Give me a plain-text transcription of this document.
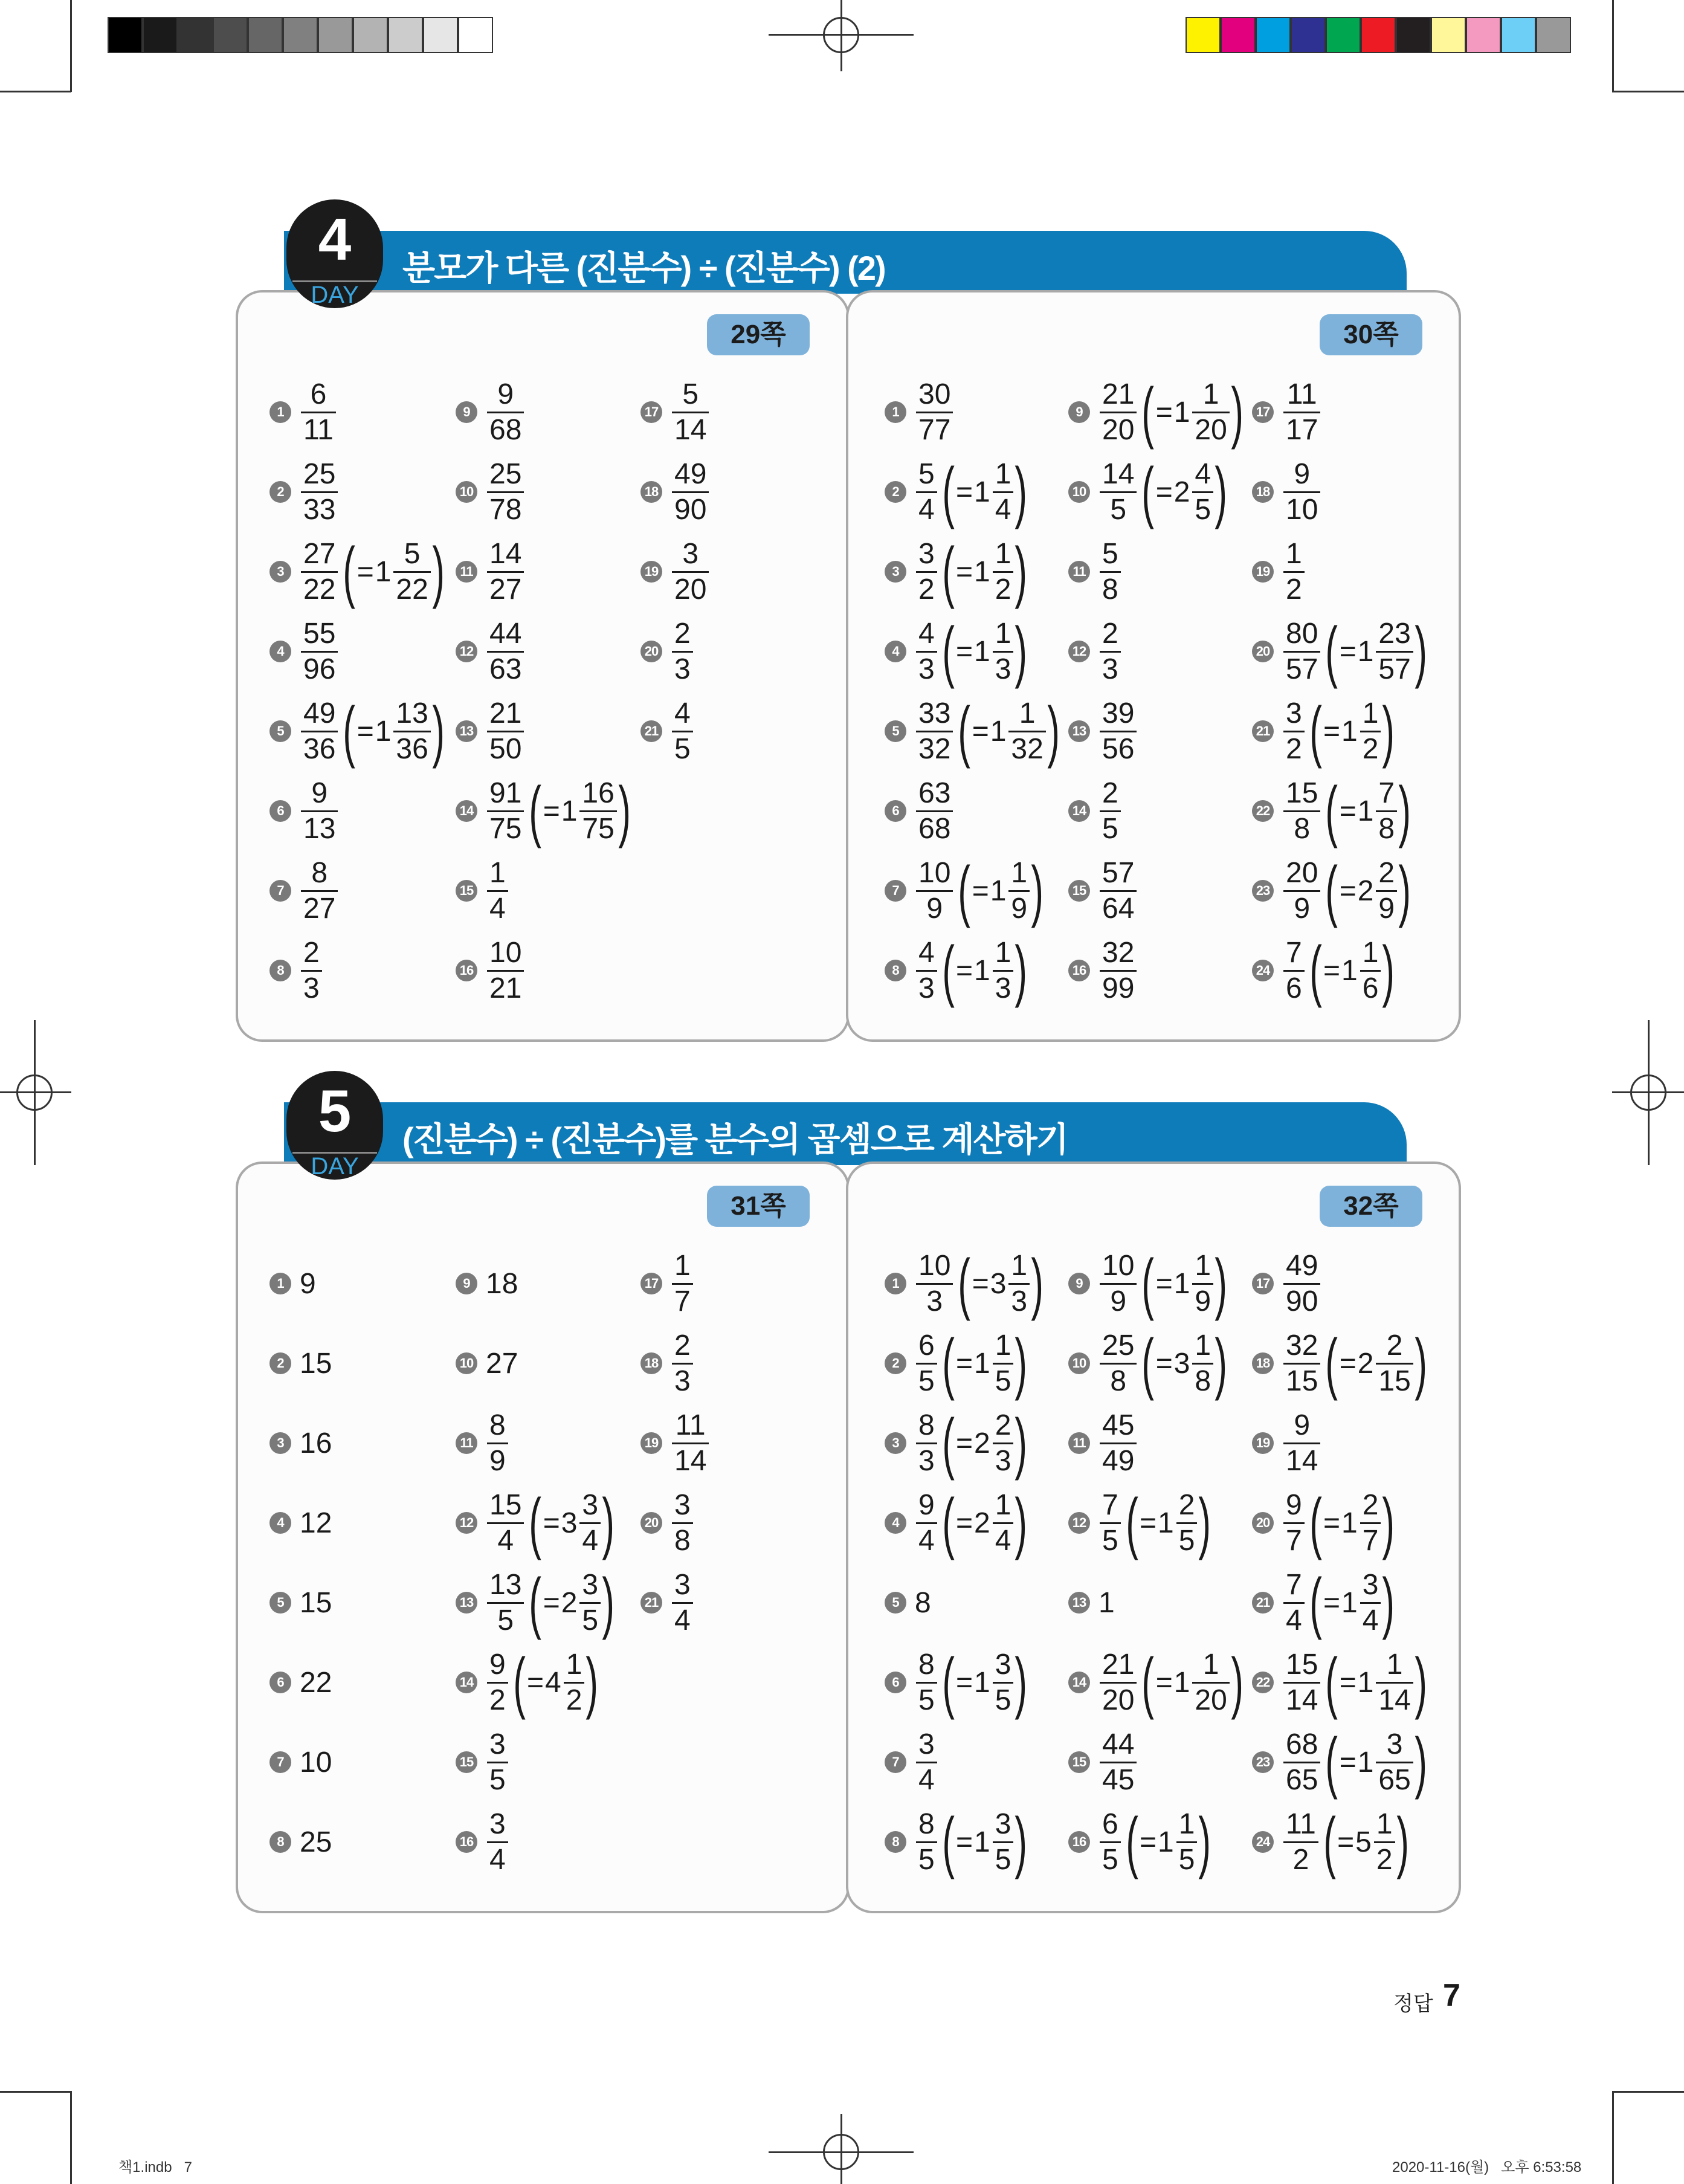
분모가 다른 (진분수) ÷ (진분수) (2)
4
DAY
29쪽	30쪽
(진분수) ÷ (진분수)를 분수의 곱셈으로 계산하기
5
DAY
31쪽	32쪽
$1 \frac{6}{11}$
$2 \frac{25}{33}$
$3 \frac{27}{22}$ ( = $1 \frac{5}{22}$ )
$4 \frac{55}{96}$
$5 \frac{49}{36}$ ( = $1 \frac{13}{36}$ )
$6 \frac{9}{13}$
$7 \frac{8}{27}$
$8 \frac{2}{3}$
$9 \frac{9}{68}$
$10 \frac{25}{78}$
$11 \frac{14}{27}$
$12 \frac{44}{63}$
$13 \frac{21}{50}$
$14 \frac{91}{75}$ ( = $1 \frac{16}{75}$ )
$15 \frac{1}{4}$
$16 \frac{10}{21}$
$17 \frac{5}{14}$
$18 \frac{49}{90}$
$19 \frac{3}{20}$
$20 \frac{2}{3}$
$21 \frac{4}{5}$
$1 \frac{30}{77}$
$2 \frac{5}{4}$ ( = $1 \frac{1}{4}$ )
$3 \frac{3}{2}$ ( = $1 \frac{1}{2}$ )
$4 \frac{4}{3}$ ( = $1 \frac{1}{3}$ )
$5 \frac{33}{32}$ ( = $1 \frac{1}{32}$ )
$6 \frac{63}{68}$
$7 \frac{10}{9}$ ( = $1 \frac{1}{9}$ )
$8 \frac{4}{3}$ ( = $1 \frac{1}{3}$ )
$9 \frac{21}{20}$ ( = $1 \frac{1}{20}$ )
$10 \frac{14}{5}$ ( = $2 \frac{4}{5}$ )
$11 \frac{5}{8}$
$12 \frac{2}{3}$
$13 \frac{39}{56}$
$14 \frac{2}{5}$
$15 \frac{57}{64}$
$16 \frac{32}{99}$
$17 \frac{11}{17}$
$18 \frac{9}{10}$
$19 \frac{1}{2}$
$20 \frac{80}{57}$ ( = $1 \frac{23}{57}$ )
$21 \frac{3}{2}$ ( = $1 \frac{1}{2}$ )
$22 \frac{15}{8}$ ( = $1 \frac{7}{8}$ )
$23 \frac{20}{9}$ ( = $2 \frac{2}{9}$ )
$24 \frac{7}{6}$ ( = $1 \frac{1}{6}$ )
1 9
2 15
3 16
4 12
5 15
6 22
7 10
8 25
9 18
10 27
$11 \frac{8}{9}$
$12 \frac{15}{4}$ ( = $3 \frac{3}{4}$ )
$13 \frac{13}{5}$ ( = $2 \frac{3}{5}$ )
$14 \frac{9}{2}$ ( = $4 \frac{1}{2}$ )
$15 \frac{3}{5}$
$16 \frac{3}{4}$
$17 \frac{1}{7}$
$18 \frac{2}{3}$
$19 \frac{11}{14}$
$20 \frac{3}{8}$
$21 \frac{3}{4}$
$1 \frac{10}{3}$ ( = $3 \frac{1}{3}$ )
$2 \frac{6}{5}$ ( = $1 \frac{1}{5}$ )
$3 \frac{8}{3}$ ( = $2 \frac{2}{3}$ )
$4 \frac{9}{4}$ ( = $2 \frac{1}{4}$ )
5 8
$6 \frac{8}{5}$ ( = $1 \frac{3}{5}$ )
$7 \frac{3}{4}$
$8 \frac{8}{5}$ ( = $1 \frac{3}{5}$ )
$9 \frac{10}{9}$ ( = $1 \frac{1}{9}$ )
$10 \frac{25}{8}$ ( = $3 \frac{1}{8}$ )
$11 \frac{45}{49}$
$12 \frac{7}{5}$ ( = $1 \frac{2}{5}$ )
13 1
$14 \frac{21}{20}$ ( = $1 \frac{1}{20}$ )
$15 \frac{44}{45}$
$16 \frac{6}{5}$ ( = $1 \frac{1}{5}$ )
$17 \frac{49}{90}$
$18 \frac{32}{15}$ ( = $2 \frac{2}{15}$ )
$19 \frac{9}{14}$
$20 \frac{9}{7}$ ( = $1 \frac{2}{7}$ )
$21 \frac{7}{4}$ ( = $1 \frac{3}{4}$ )
$22 \frac{15}{14}$ ( = $1 \frac{1}{14}$ )
$23 \frac{68}{65}$ ( = $1 \frac{3}{65}$ )
$24 \frac{11}{2}$ ( = $5 \frac{1}{2}$ )
정답 7
책1.indb   7	2020-11-16(월)   오후 6:53:58
